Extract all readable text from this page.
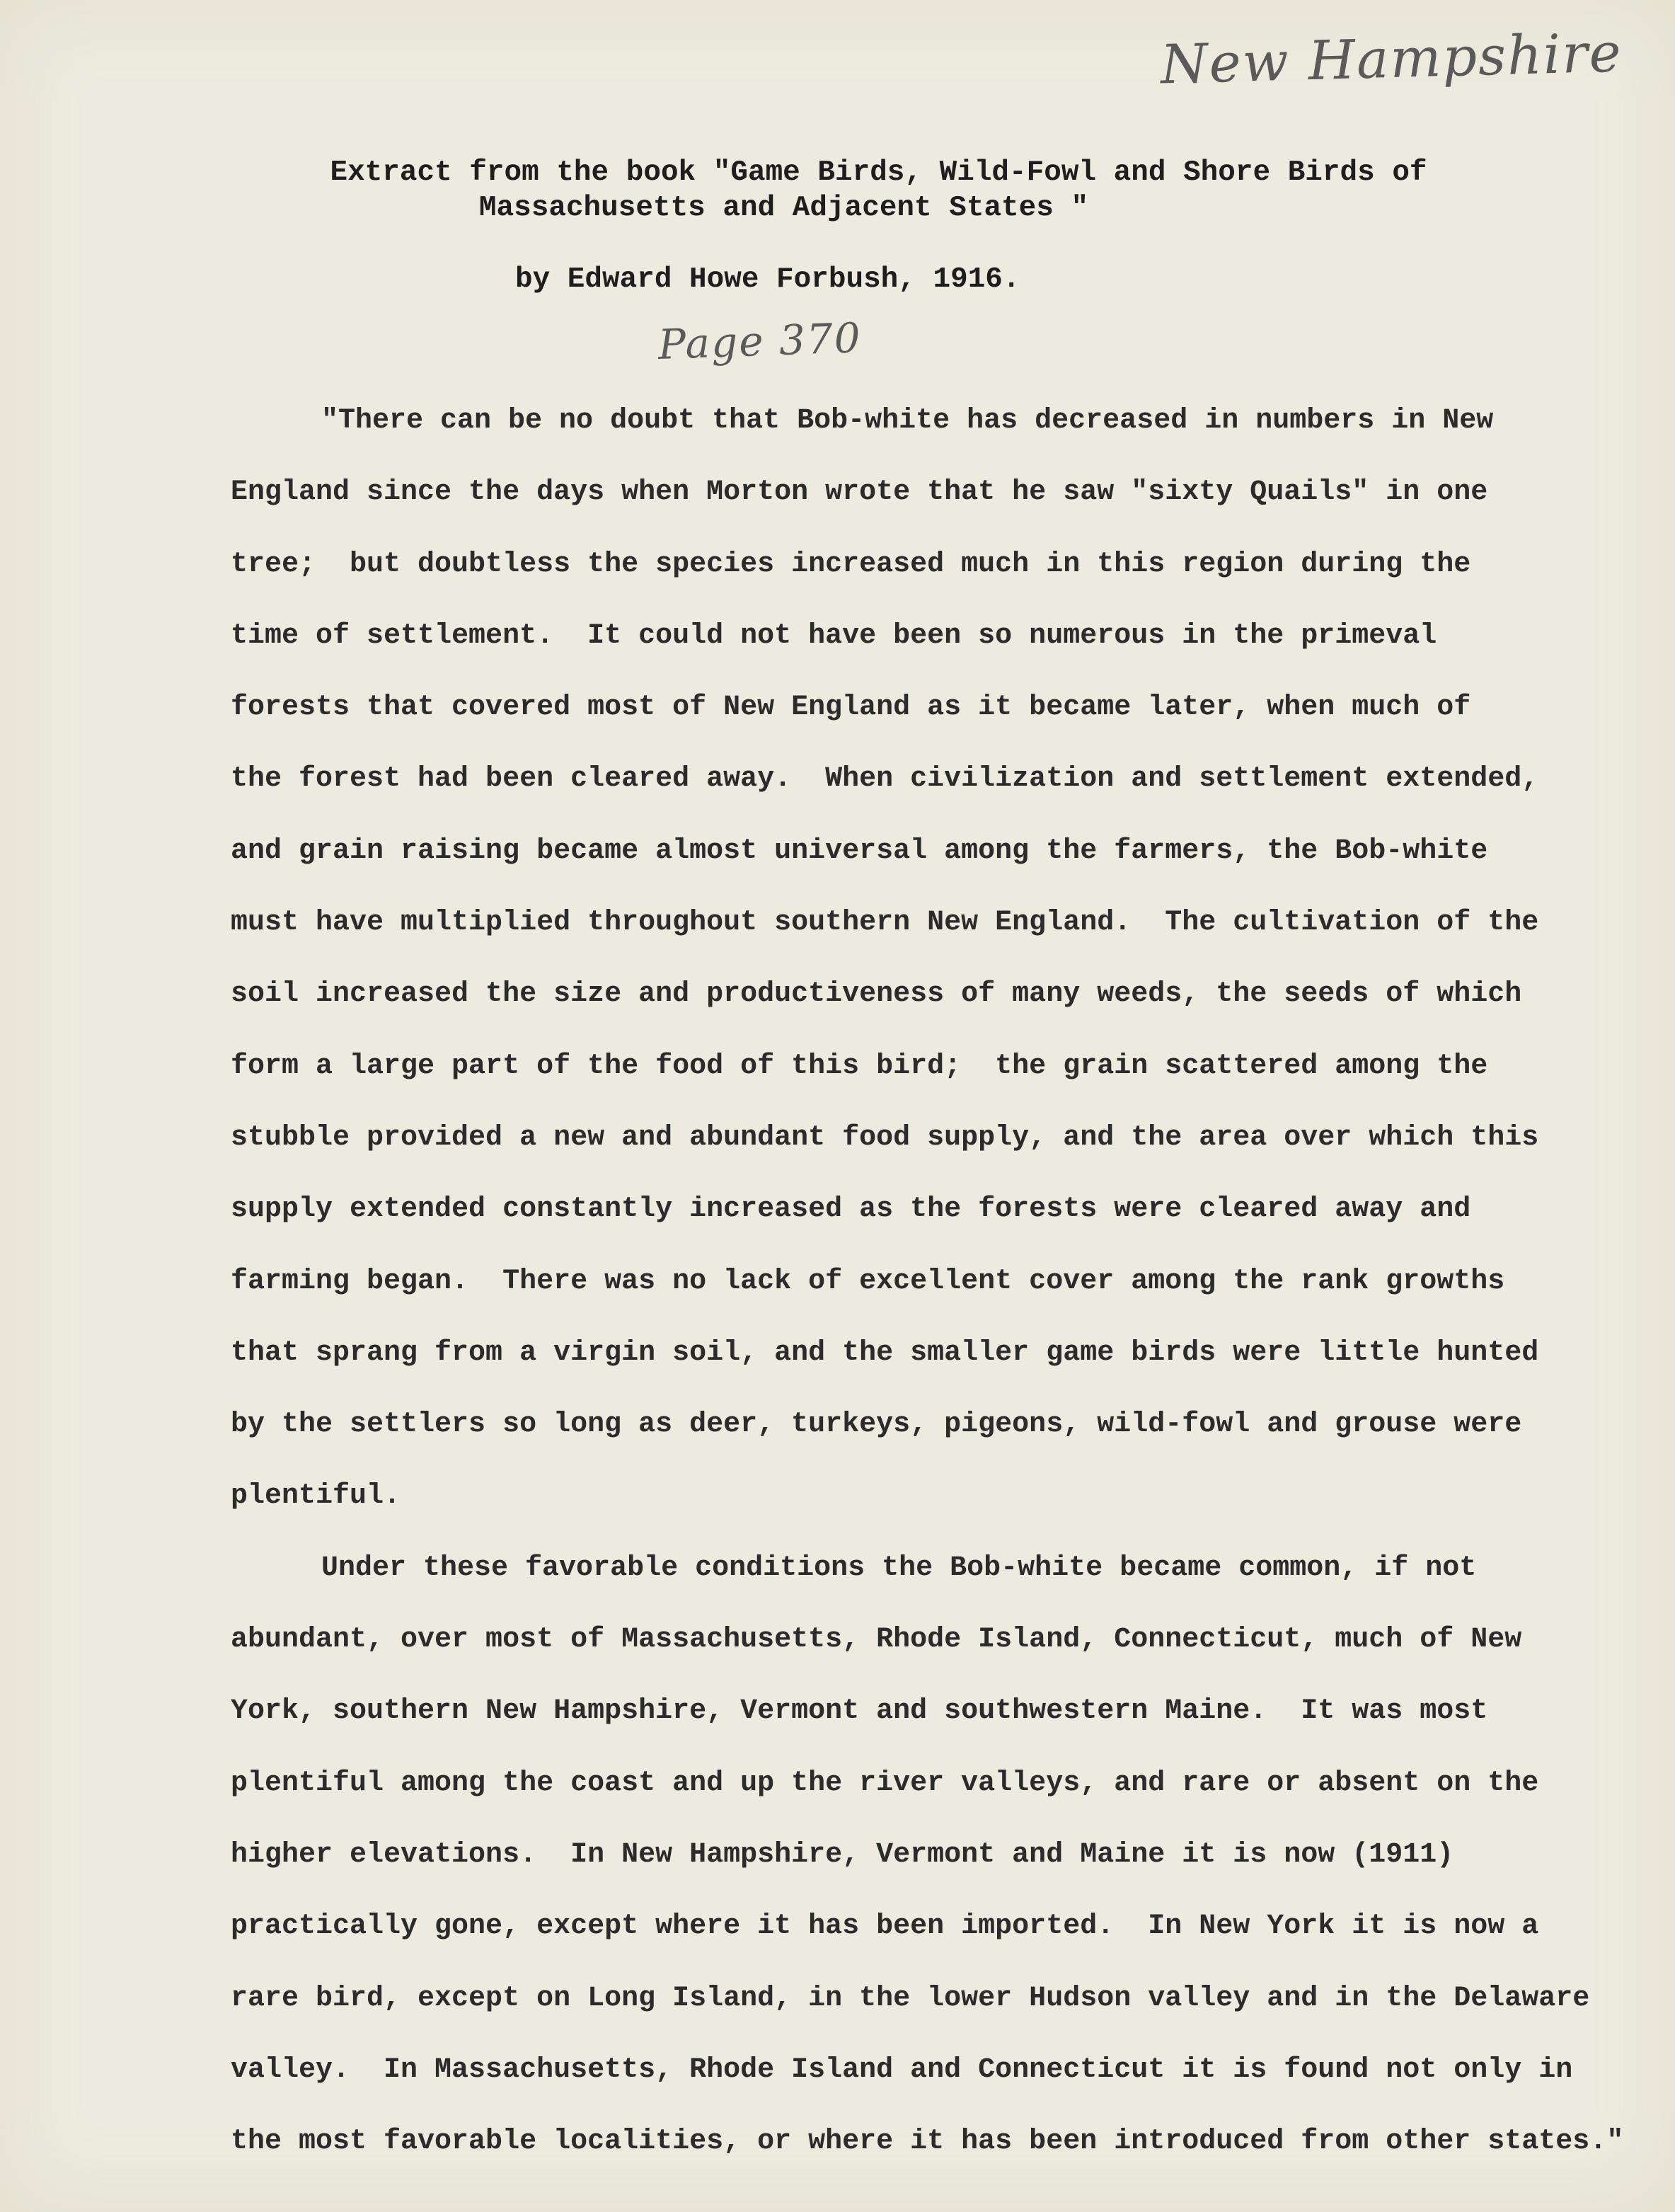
New Hampshire
Extract from the book "Game Birds, Wild-Fowl and Shore Birds of
Massachusetts and Adjacent States "
by Edward Howe Forbush, 1916.
Page 370
"There can be no doubt that Bob-white has decreased in numbers in New
England since the days when Morton wrote that he saw "sixty Quails" in one
tree;  but doubtless the species increased much in this region during the
time of settlement.  It could not have been so numerous in the primeval
forests that covered most of New England as it became later, when much of
the forest had been cleared away.  When civilization and settlement extended,
and grain raising became almost universal among the farmers, the Bob-white
must have multiplied throughout southern New England.  The cultivation of the
soil increased the size and productiveness of many weeds, the seeds of which
form a large part of the food of this bird;  the grain scattered among the
stubble provided a new and abundant food supply, and the area over which this
supply extended constantly increased as the forests were cleared away and
farming began.  There was no lack of excellent cover among the rank growths
that sprang from a virgin soil, and the smaller game birds were little hunted
by the settlers so long as deer, turkeys, pigeons, wild-fowl and grouse were
plentiful.
Under these favorable conditions the Bob-white became common, if not
abundant, over most of Massachusetts, Rhode Island, Connecticut, much of New
York, southern New Hampshire, Vermont and southwestern Maine.  It was most
plentiful among the coast and up the river valleys, and rare or absent on the
higher elevations.  In New Hampshire, Vermont and Maine it is now (1911)
practically gone, except where it has been imported.  In New York it is now a
rare bird, except on Long Island, in the lower Hudson valley and in the Delaware
valley.  In Massachusetts, Rhode Island and Connecticut it is found not only in
the most favorable localities, or where it has been introduced from other states."
